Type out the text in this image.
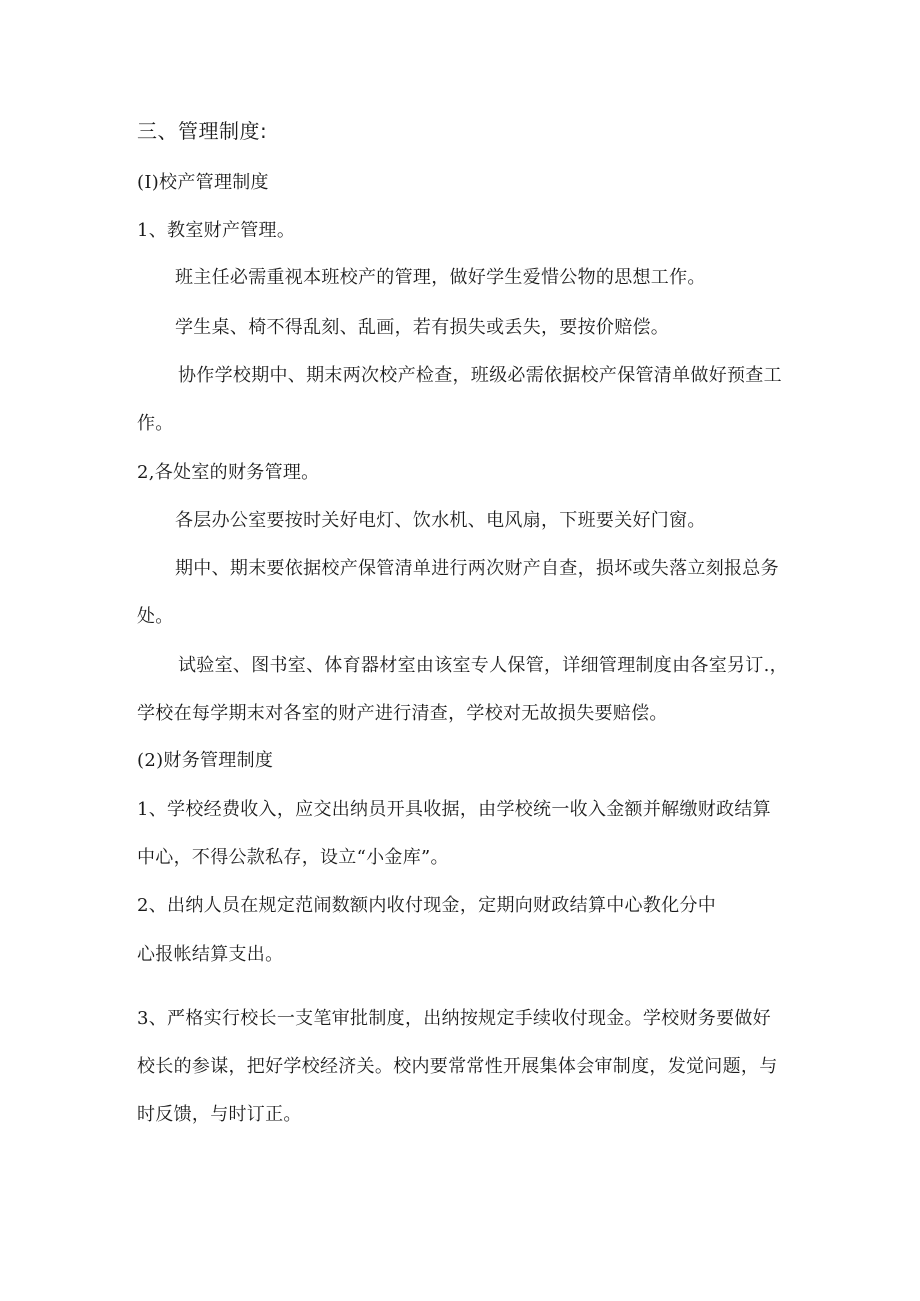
三、管理制度:
(I)校产管理制度
1、教室财产管理。
班主任必需重视本班校产的管理，做好学生爱惜公物的思想工作。
学生桌、椅不得乱刻、乱画，若有损失或丢失，要按价赔偿。
协作学校期中、期末两次校产检查，班级必需依据校产保管清单做好预查工
作。
2,各处室的财务管理。
各层办公室要按时关好电灯、饮水机、电风扇，下班要关好门窗。
期中、期末要依据校产保管清单进行两次财产自查，损坏或失落立刻报总务
处。
试验室、图书室、体育器材室由该室专人保管，详细管理制度由各室另订.，
学校在每学期末对各室的财产进行清查，学校对无故损失要赔偿。
(2)财务管理制度
1、学校经费收入，应交出纳员开具收据，由学校统一收入金额并解缴财政结算
中心，不得公款私存，设立“小金库”。
2、出纳人员在规定范闹数额内收付现金，定期向财政结算中心教化分中
心报帐结算支出。
3、严格实行校长一支笔审批制度，出纳按规定手续收付现金。学校财务要做好
校长的参谋，把好学校经济关。校内要常常性开展集体会审制度，发觉问题，与
时反馈，与时订正。
